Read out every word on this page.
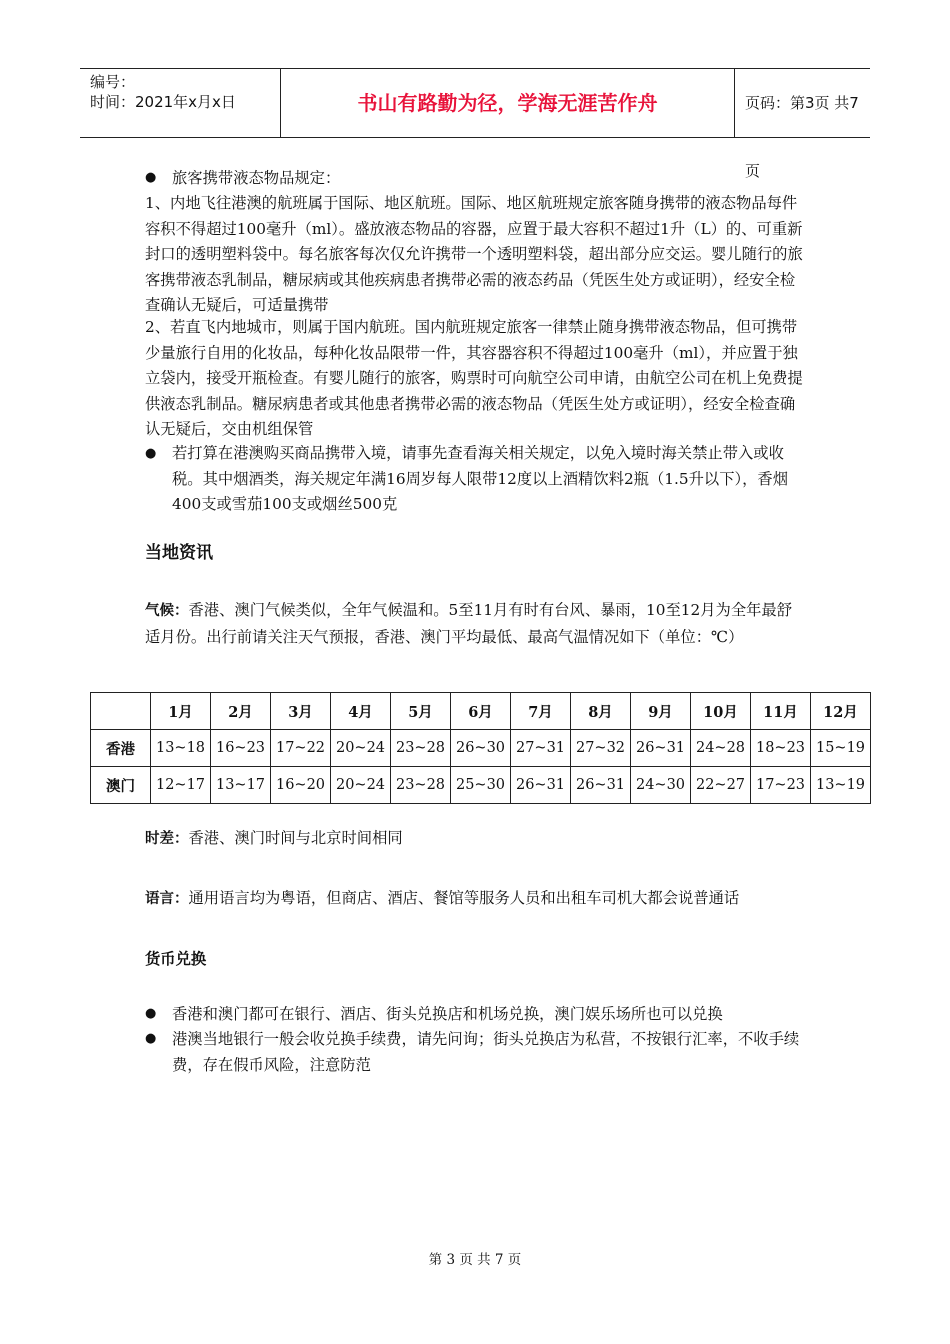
编号：
时间：2021年x月x日	书山有路勤为径，学海无涯苦作舟	页码：第3页 共7页
● 旅客携带液态物品规定：
1、内地飞往港澳的航班属于国际、地区航班。国际、地区航班规定旅客随身携带的液态物品每件容积不得超过100毫升（ml）。盛放液态物品的容器，应置于最大容积不超过1升（L）的、可重新封口的透明塑料袋中。每名旅客每次仅允许携带一个透明塑料袋，超出部分应交运。婴儿随行的旅客携带液态乳制品，糖尿病或其他疾病患者携带必需的液态药品（凭医生处方或证明），经安全检查确认无疑后，可适量携带
2、若直飞内地城市，则属于国内航班。国内航班规定旅客一律禁止随身携带液态物品，但可携带少量旅行自用的化妆品，每种化妆品限带一件，其容器容积不得超过100毫升（ml），并应置于独立袋内，接受开瓶检查。有婴儿随行的旅客，购票时可向航空公司申请，由航空公司在机上免费提供液态乳制品。糖尿病患者或其他患者携带必需的液态物品（凭医生处方或证明），经安全检查确认无疑后，交由机组保管
● 若打算在港澳购买商品携带入境，请事先查看海关相关规定，以免入境时海关禁止带入或收税。其中烟酒类，海关规定年满16周岁每人限带12度以上酒精饮料2瓶（1.5升以下），香烟400支或雪茄100支或烟丝500克
当地资讯
气候：香港、澳门气候类似，全年气候温和。5至11月有时有台风、暴雨，10至12月为全年最舒适月份。出行前请关注天气预报，香港、澳门平均最低、最高气温情况如下（单位：℃）
	1月	2月	3月	4月	5月	6月	7月	8月	9月	10月	11月	12月
香港	13~18	16~23	17~22	20~24	23~28	26~30	27~31	27~32	26~31	24~28	18~23	15~19
澳门	12~17	13~17	16~20	20~24	23~28	25~30	26~31	26~31	24~30	22~27	17~23	13~19
时差：香港、澳门时间与北京时间相同
语言：通用语言均为粤语，但商店、酒店、餐馆等服务人员和出租车司机大都会说普通话
货币兑换
● 香港和澳门都可在银行、酒店、街头兑换店和机场兑换，澳门娱乐场所也可以兑换
● 港澳当地银行一般会收兑换手续费，请先问询；街头兑换店为私营，不按银行汇率，不收手续费，存在假币风险，注意防范
第 3 页 共 7 页
